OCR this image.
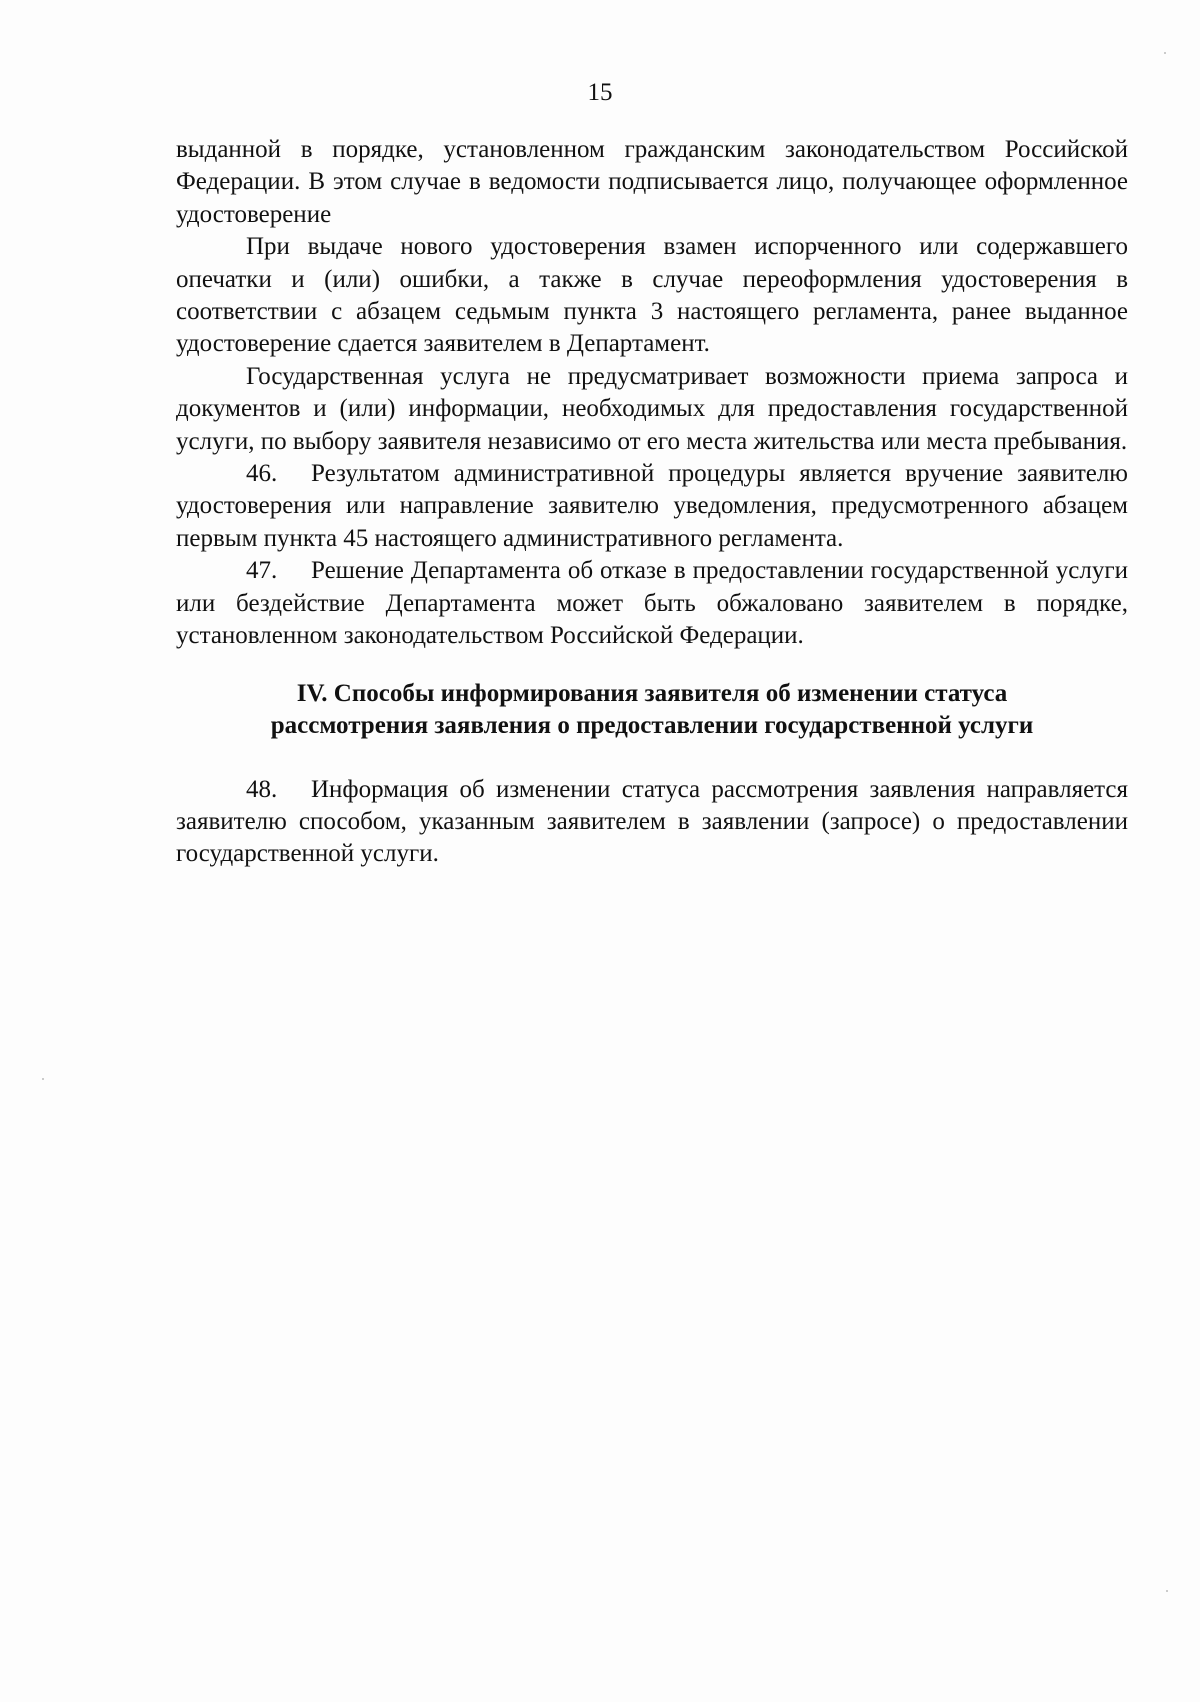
15

выданной в порядке, установленном гражданским законодательством Российской Федерации. В этом случае в ведомости подписывается лицо, получающее оформленное удостоверение

При выдаче нового удостоверения взамен испорченного или содержавшего опечатки и (или) ошибки, а также в случае переоформления удостоверения в соответствии с абзацем седьмым пункта 3 настоящего регламента, ранее выданное удостоверение сдается заявителем в Департамент.

Государственная услуга не предусматривает возможности приема запроса и документов и (или) информации, необходимых для предоставления государственной услуги, по выбору заявителя независимо от его места жительства или места пребывания.

46. Результатом административной процедуры является вручение заявителю удостоверения или направление заявителю уведомления, предусмотренного абзацем первым пункта 45 настоящего административного регламента.

47. Решение Департамента об отказе в предоставлении государственной услуги или бездействие Департамента может быть обжаловано заявителем в порядке, установленном законодательством Российской Федерации.

IV. Способы информирования заявителя об изменении статуса
рассмотрения заявления о предоставлении государственной услуги

48. Информация об изменении статуса рассмотрения заявления направляется заявителю способом, указанным заявителем в заявлении (запросе) о предоставлении государственной услуги.
